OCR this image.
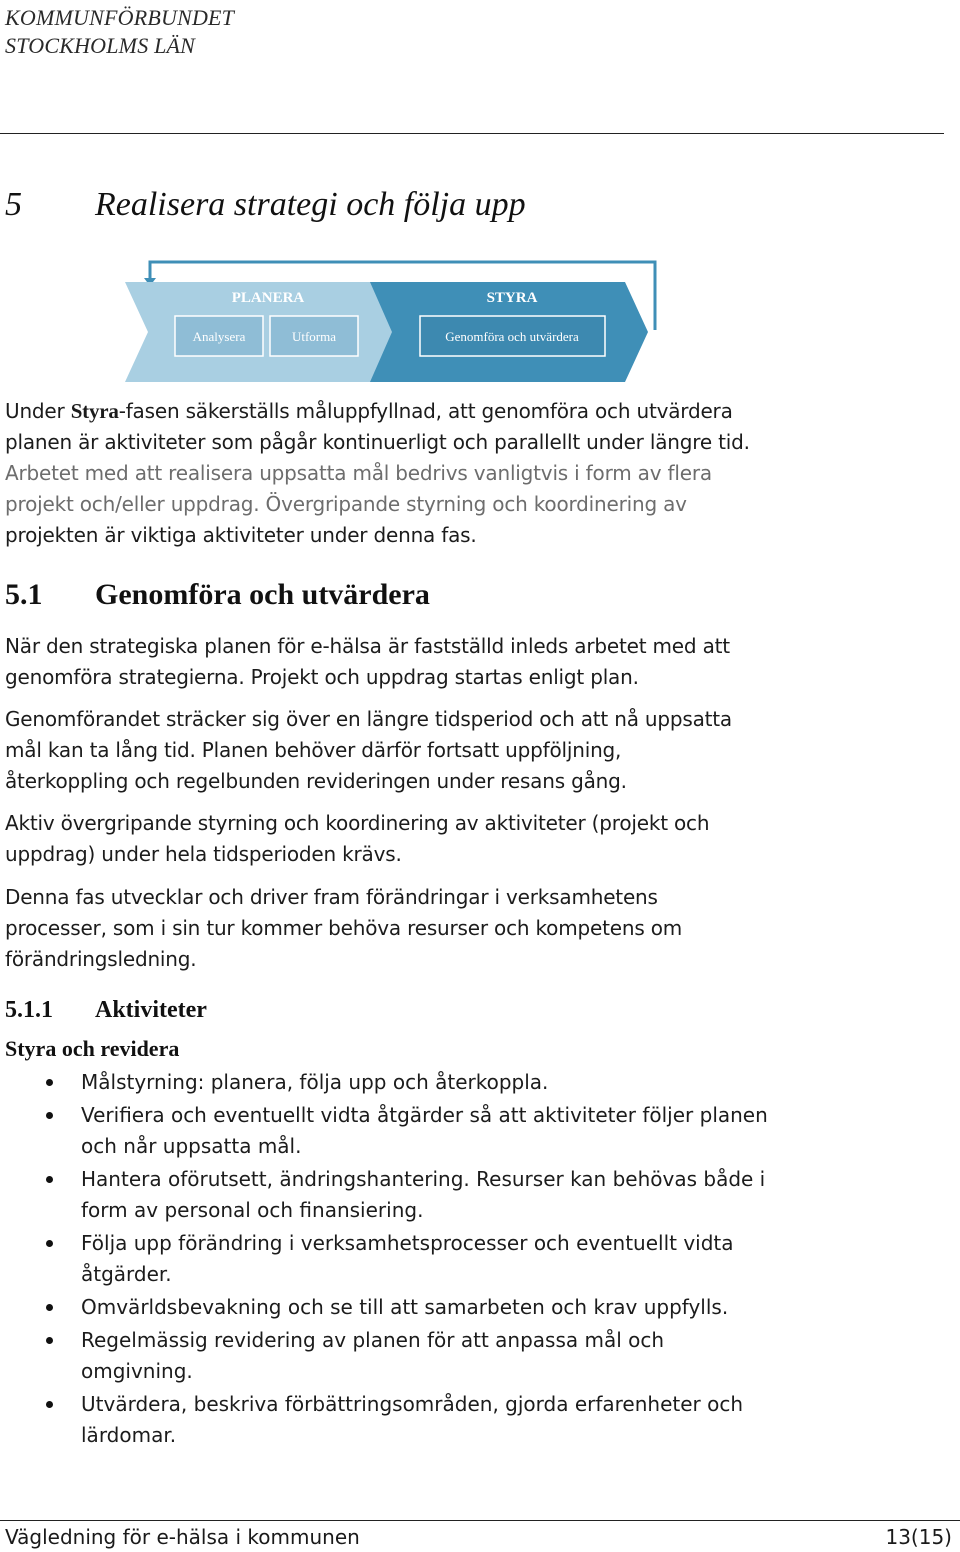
KOMMUNFÖRBUNDET
STOCKHOLMS LÄN
5 Realisera strategi och följa upp
PLANERA	STYRA
Analysera	Utforma	Genomföra och utvärdera

Under Styra-fasen säkerställs måluppfyllnad, att genomföra och utvärdera

planen är aktiviteter som pågår kontinuerligt och parallellt under längre tid.

Arbetet med att realisera uppsatta mål bedrivs vanligtvis i form av flera

projekt och/eller uppdrag. Övergripande styrning och koordinering av

projekten är viktiga aktiviteter under denna fas.

5.1 Genomföra och utvärdera

När den strategiska planen för e-hälsa är fastställd inleds arbetet med att

genomföra strategierna. Projekt och uppdrag startas enligt plan.

Genomförandet sträcker sig över en längre tidsperiod och att nå uppsatta

mål kan ta lång tid. Planen behöver därför fortsatt uppföljning,

återkoppling och regelbunden revideringen under resans gång.

Aktiv övergripande styrning och koordinering av aktiviteter (projekt och

uppdrag) under hela tidsperioden krävs.

Denna fas utvecklar och driver fram förändringar i verksamhetens

processer, som i sin tur kommer behöva resurser och kompetens om

förändringsledning.

5.1.1 Aktiviteter
Styra och revidera
Målstyrning: planera, följa upp och återkoppla.
Verifiera och eventuellt vidta åtgärder så att aktiviteter följer planen
och når uppsatta mål.
Hantera oförutsett, ändringshantering. Resurser kan behövas både i
form av personal och finansiering.
Följa upp förändring i verksamhetsprocesser och eventuellt vidta
åtgärder.
Omvärldsbevakning och se till att samarbeten och krav uppfylls.
Regelmässig revidering av planen för att anpassa mål och
omgivning.
Utvärdera, beskriva förbättringsområden, gjorda erfarenheter och
lärdomar.
Vägledning för e-hälsa i kommunen	13(15)
